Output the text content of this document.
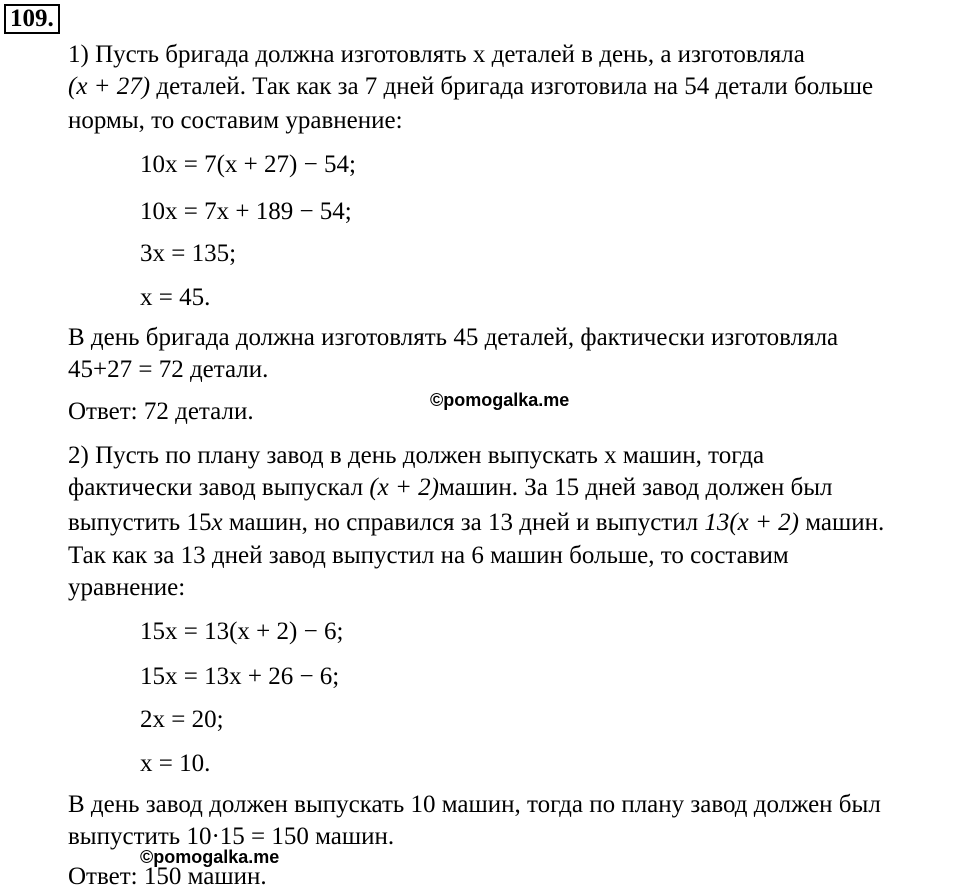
109.
1) Пусть бригада должна изготовлять х деталей в день, а изготовляла
(x + 27) деталей. Так как за 7 дней бригада изготовила на 54 детали больше
нормы, то составим уравнение:
10x = 7(x + 27) − 54;
10x = 7x + 189 − 54;
3x = 135;
x = 45.
В день бригада должна изготовлять 45 деталей, фактически изготовляла
45+27 = 72 детали.
Ответ: 72 детали.	©pomogalka.me
2) Пусть по плану завод в день должен выпускать x машин, тогда
фактически завод выпускал (x + 2)машин. За 15 дней завод должен был
выпустить 15x машин, но справился за 13 дней и выпустил 13(x + 2) машин.
Так как за 13 дней завод выпустил на 6 машин больше, то составим
уравнение:
15x = 13(x + 2) − 6;
15x = 13x + 26 − 6;
2x = 20;
x = 10.
В день завод должен выпускать 10 машин, тогда по плану завод должен был
выпустить 10·15 = 150 машин.
©pomogalka.me
Ответ: 150 машин.
